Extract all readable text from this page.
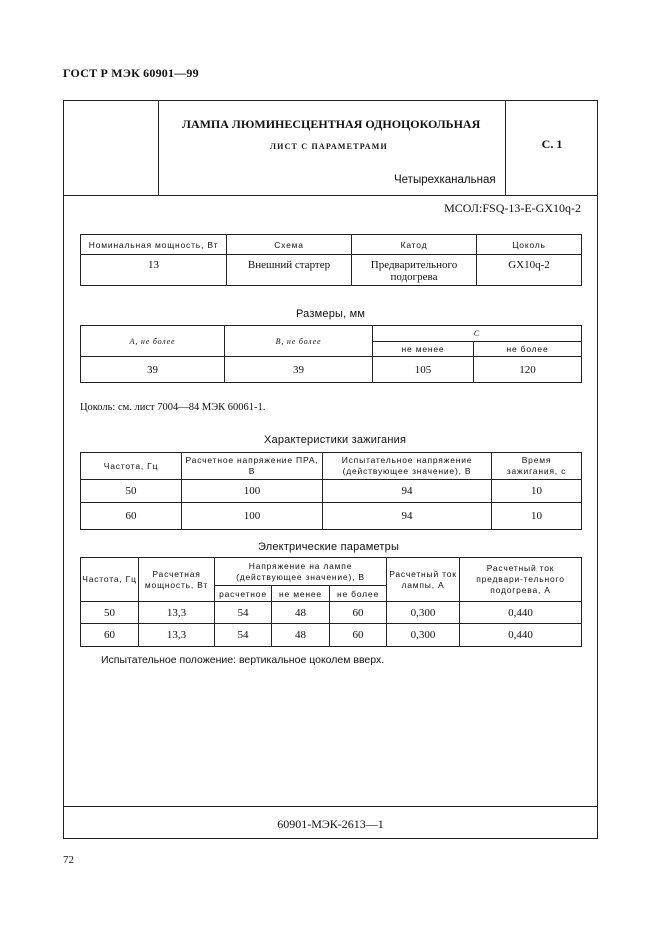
ГОСТ Р МЭК 60901—99
ЛАМПА ЛЮМИНЕСЦЕНТНАЯ ОДНОЦОКОЛЬНАЯ
ЛИСТ С ПАРАМЕТРАМИ
Четырехканальная
С. 1
МСОЛ:FSQ-13-E-GX10q-2
Номинальная мощность, Вт	Схема	Катод	Цоколь
13	Внешний стартер	Предварительного подогрева	GX10q-2
Размеры, мм
A, не более	B, не более	C	
		не менее	не более
39	39	105	120
Цоколь: см. лист 7004—84 МЭК 60061-1.
Характеристики зажигания
Частота, Гц	Расчетное напряжение ПРА, В	Испытательное напряжение (действующее значение), В	Время зажигания, с
50	100	94	10
60	100	94	10
Электрические параметры
Частота, Гц	Расчетная мощность, Вт	Напряжение на лампе (действующее значение), В			Расчетный ток лампы, А	Расчетный ток предвари-тельного подогрева, А
		расчетное	не менее	не более		
50	13,3	54	48	60	0,300	0,440
60	13,3	54	48	60	0,300	0,440
Испытательное положение: вертикальное цоколем вверх.
60901-МЭК-2613—1
72
